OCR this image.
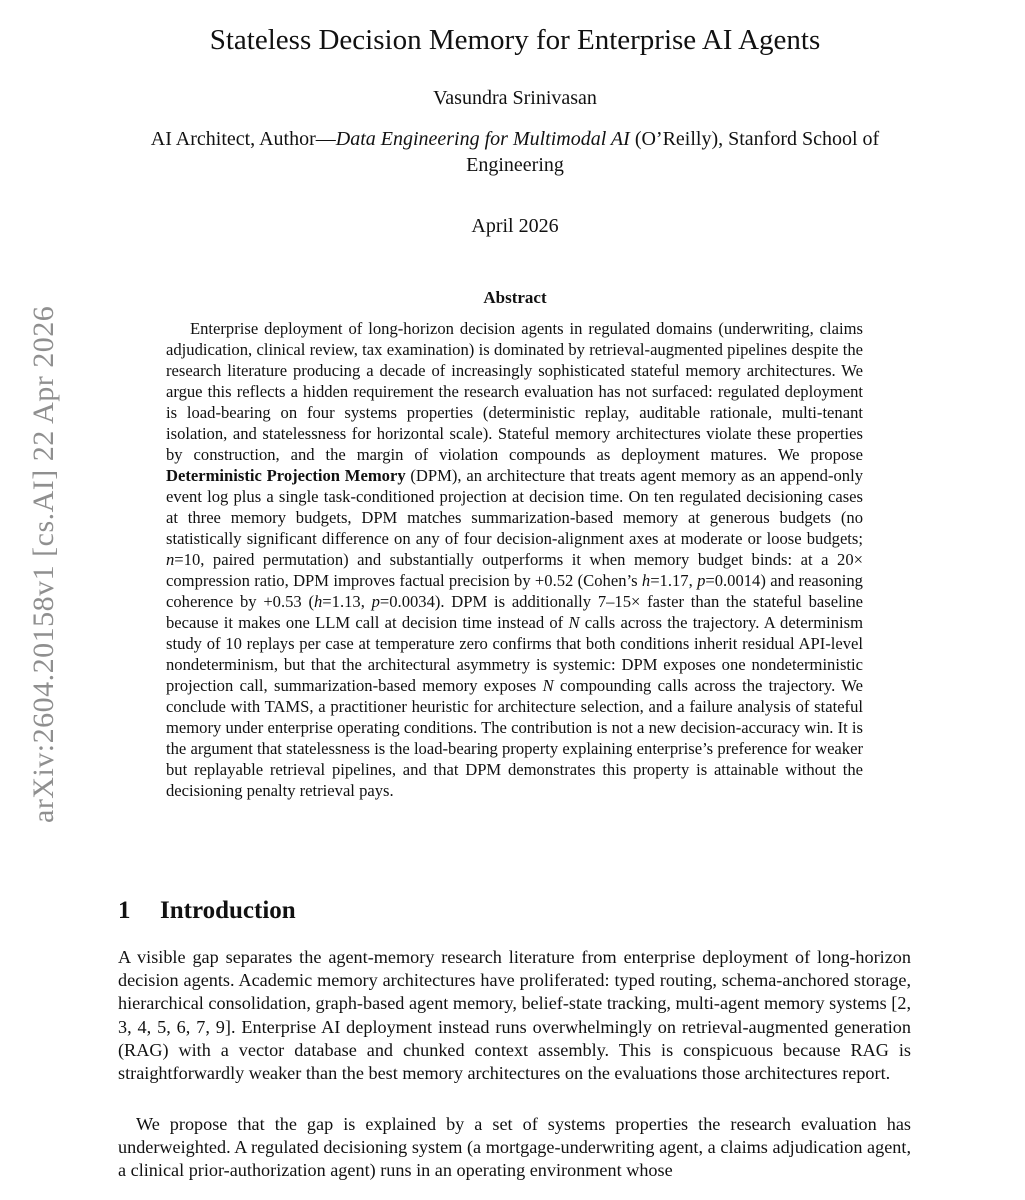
arXiv:2604.20158v1 [cs.AI] 22 Apr 2026
Stateless Decision Memory for Enterprise AI Agents
Vasundra Srinivasan
AI Architect, Author—Data Engineering for Multimodal AI (O’Reilly), Stanford School of Engineering
April 2026
Abstract

Enterprise deployment of long-horizon decision agents in regulated domains (underwriting, claims adjudication, clinical review, tax examination) is dominated by retrieval-augmented pipelines despite the research literature producing a decade of increasingly sophisticated stateful memory architectures. We argue this reflects a hidden requirement the research evaluation has not surfaced: regulated deployment is load-bearing on four systems properties (deterministic replay, auditable rationale, multi-tenant isolation, and statelessness for horizontal scale). Stateful memory architectures violate these properties by construction, and the margin of violation compounds as deployment matures. We propose Deterministic Projection Memory (DPM), an architecture that treats agent memory as an append-only event log plus a single task-conditioned projection at decision time. On ten regulated decisioning cases at three memory budgets, DPM matches summarization-based memory at generous budgets (no statistically significant difference on any of four decision-alignment axes at moderate or loose budgets; n=10, paired permutation) and substantially outperforms it when memory budget binds: at a 20× compression ratio, DPM improves factual precision by +0.52 (Cohen’s h=1.17, p=0.0014) and reasoning coherence by +0.53 (h=1.13, p=0.0034). DPM is additionally 7–15× faster than the stateful baseline because it makes one LLM call at decision time instead of N calls across the trajectory. A determinism study of 10 replays per case at temperature zero confirms that both conditions inherit residual API-level nondeterminism, but that the architectural asymmetry is systemic: DPM exposes one nondeterministic projection call, summarization-based memory exposes N compounding calls across the trajectory. We conclude with TAMS, a practitioner heuristic for architecture selection, and a failure analysis of stateful memory under enterprise operating conditions. The contribution is not a new decision-accuracy win. It is the argument that statelessness is the load-bearing property explaining enterprise’s preference for weaker but replayable retrieval pipelines, and that DPM demonstrates this property is attainable without the decisioning penalty retrieval pays.

1 Introduction

A visible gap separates the agent-memory research literature from enterprise deployment of long-horizon decision agents. Academic memory architectures have proliferated: typed routing, schema-anchored storage, hierarchical consolidation, graph-based agent memory, belief-state tracking, multi-agent memory systems [2, 3, 4, 5, 6, 7, 9]. Enterprise AI deployment instead runs overwhelmingly on retrieval-augmented generation (RAG) with a vector database and chunked context assembly. This is conspicuous because RAG is straightforwardly weaker than the best memory architectures on the evaluations those architectures report.

We propose that the gap is explained by a set of systems properties the research evaluation has underweighted. A regulated decisioning system (a mortgage-underwriting agent, a claims adjudication agent, a clinical prior-authorization agent) runs in an operating environment whose
